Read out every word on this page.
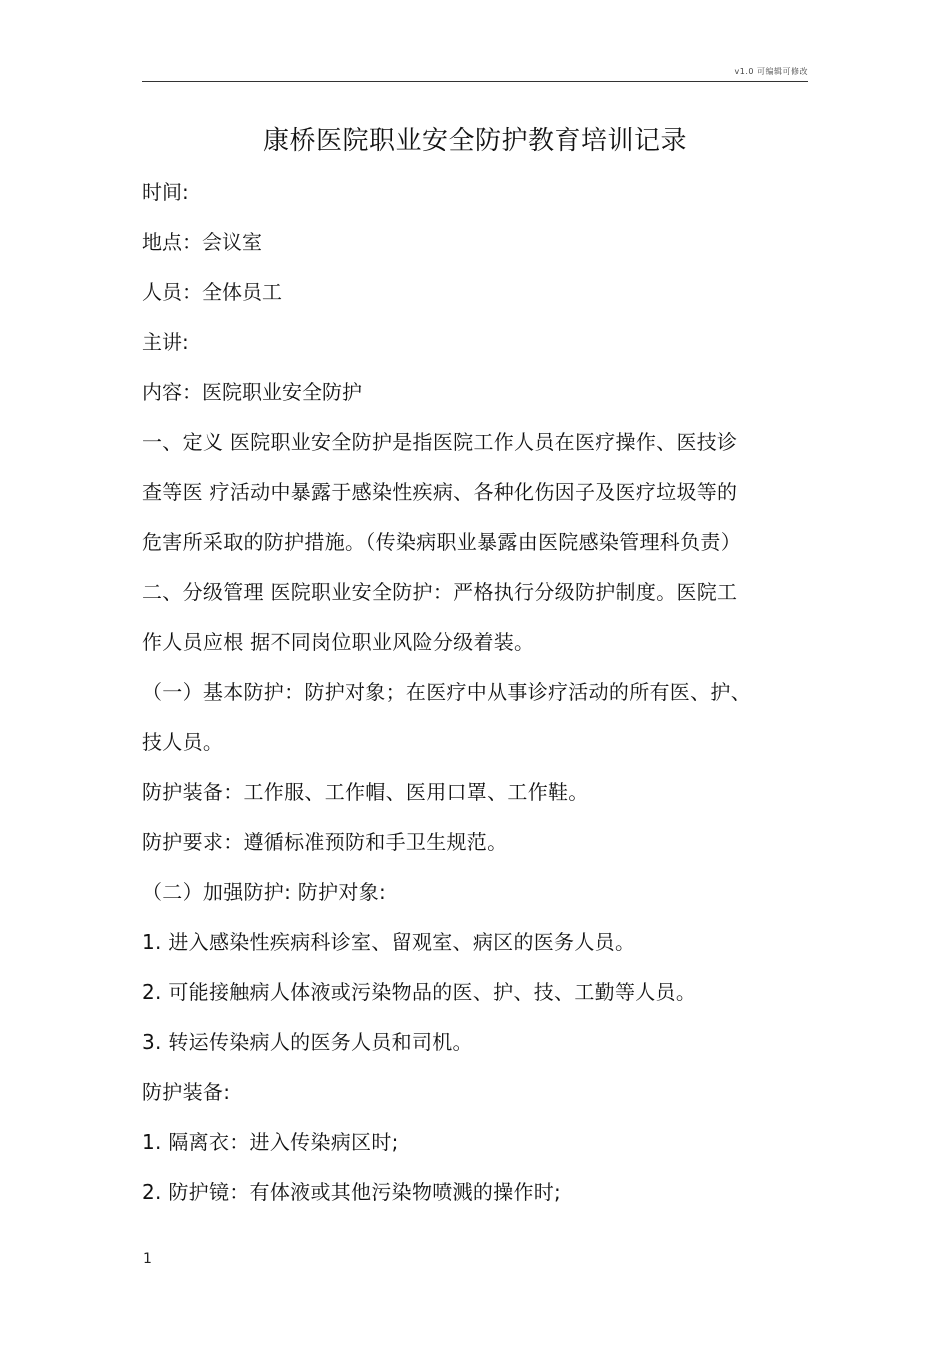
v1.0 可编辑可修改
康桥医院职业安全防护教育培训记录

时间:

地点：会议室

人员：全体员工

主讲:

内容：医院职业安全防护

一、定义 医院职业安全防护是指医院工作人员在医疗操作、医技诊

查等医 疗活动中暴露于感染性疾病、各种化伤因子及医疗垃圾等的

危害所采取的防护措施。（传染病职业暴露由医院感染管理科负责）

二、分级管理 医院职业安全防护：严格执行分级防护制度。医院工

作人员应根 据不同岗位职业风险分级着装。

（一）基本防护：防护对象；在医疗中从事诊疗活动的所有医、护、

技人员。

防护装备：工作服、工作帽、医用口罩、工作鞋。

防护要求：遵循标准预防和手卫生规范。

（二）加强防护: 防护对象:

1. 进入感染性疾病科诊室、留观室、病区的医务人员。

2. 可能接触病人体液或污染物品的医、护、技、工勤等人员。

3. 转运传染病人的医务人员和司机。

防护装备:

1. 隔离衣：进入传染病区时;

2. 防护镜：有体液或其他污染物喷溅的操作时;

1
